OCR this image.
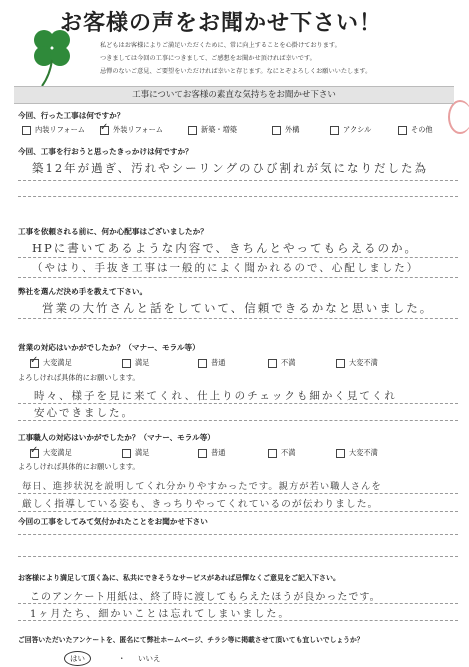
お客様の声をお聞かせ下さい！
私どもはお客様によりご満足いただくために、常に向上することを心掛けております。
つきましては今回の工事につきまして、ご感想をお聞かせ頂ければ幸いです。
忌憚のないご意見、ご要望をいただければ幸いと存じます。なにとぞよろしくお願いいたします。
工事についてお客様の素直な気持ちをお聞かせ下さい
今回、行った工事は何ですか？
内装リフォーム
✓	外装リフォーム	新築・増築	外構	アクシル	その他
今回、工事を行おうと思ったきっかけは何ですか？
築12年が過ぎ、汚れやシーリングのひび割れが気になりだした為
工事を依頼される前に、何か心配事はございましたか？
HPに書いてあるような内容で、きちんとやってもらえるのか。
（やはり、手抜き工事は一般的によく聞かれるので、心配しました）
弊社を選んだ決め手を教えて下さい。
営業の大竹さんと話をしていて、信頼できるかなと思いました。
営業の対応はいかがでしたか？（マナー、モラル等）
✓
大変満足	満足	普通	不満	大変不満
よろしければ具体的にお願いします。
時々、様子を見に来てくれ、仕上りのチェックも細かく見てくれ
安心できました。
工事職人の対応はいかがでしたか？（マナー、モラル等）
✓
大変満足	満足	普通	不満	大変不満
よろしければ具体的にお願いします。
毎日、進捗状況を説明してくれ分かりやすかったです。親方が若い職人さんを
厳しく指導している姿も、きっちりやってくれているのが伝わりました。
今回の工事をしてみて気付かれたことをお聞かせ下さい
お客様により満足して頂く為に、私共にできそうなサービスがあれば忌憚なくご意見をご記入下さい。
このアンケート用紙は、終了時に渡してもらえたほうが良かったです。
1ヶ月たち、細かいことは忘れてしまいました。
ご回答いただいたアンケートを、匿名にて弊社ホームページ、チラシ等に掲載させて頂いても宜しいでしょうか？
はい	・ いいえ
